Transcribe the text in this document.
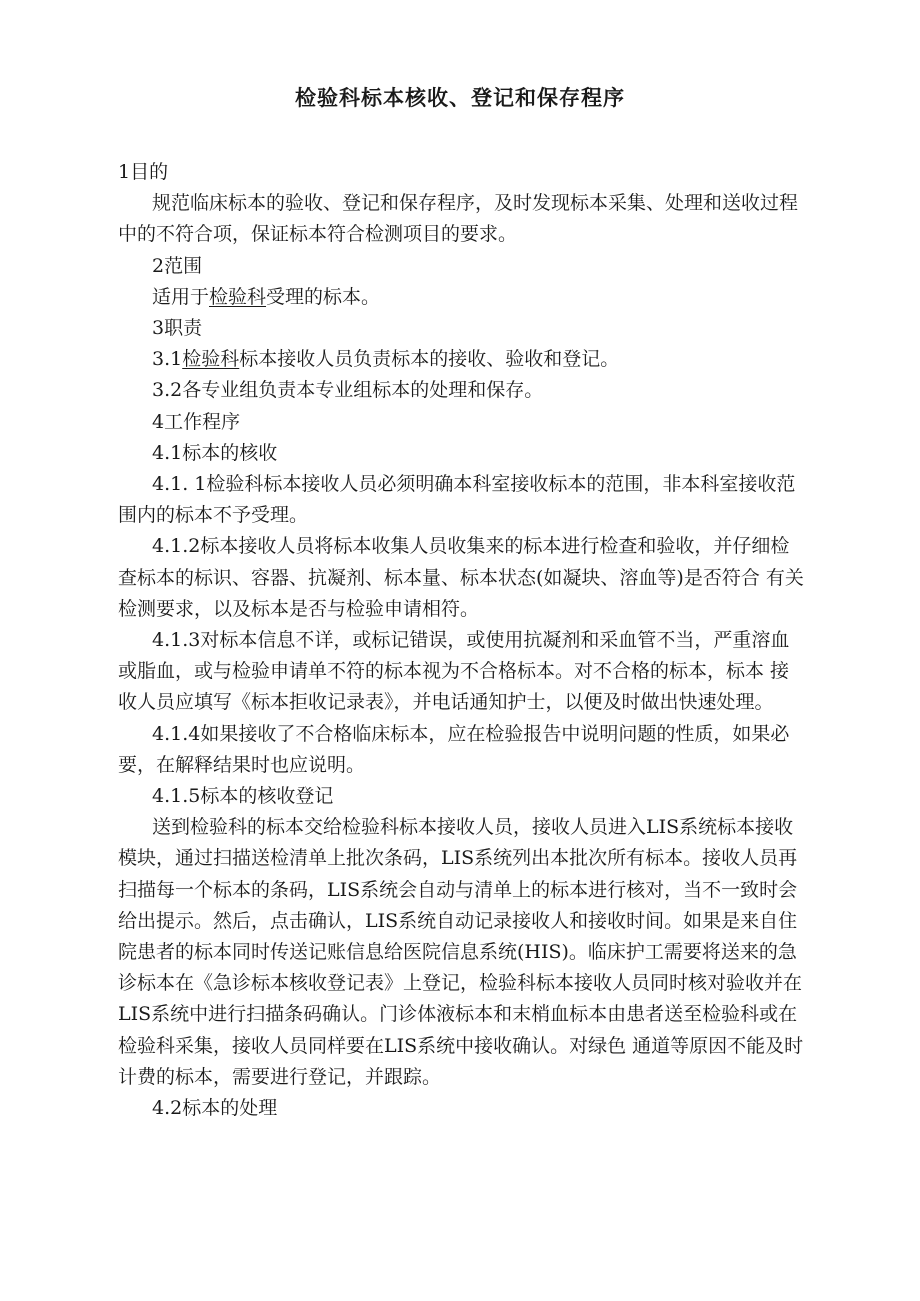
检验科标本核收、登记和保存程序

1目的

规范临床标本的验收、登记和保存程序，及时发现标本采集、处理和送收过程中的不符合项，保证标本符合检测项目的要求。

2范围

适用于检验科受理的标本。

3职责

3.1检验科标本接收人员负责标本的接收、验收和登记。

3.2各专业组负责本专业组标本的处理和保存。

4工作程序

4.1标本的核收

4.1. 1检验科标本接收人员必须明确本科室接收标本的范围，非本科室接收范围内的标本不予受理。

4.1.2标本接收人员将标本收集人员收集来的标本进行检查和验收，并仔细检查标本的标识、容器、抗凝剂、标本量、标本状态(如凝块、溶血等)是否符合 有关检测要求，以及标本是否与检验申请相符。

4.1.3对标本信息不详，或标记错误，或使用抗凝剂和采血管不当，严重溶血或脂血，或与检验申请单不符的标本视为不合格标本。对不合格的标本，标本 接收人员应填写《标本拒收记录表》，并电话通知护士，以便及时做出快速处理。

4.1.4如果接收了不合格临床标本，应在检验报告中说明问题的性质，如果必要，在解释结果时也应说明。

4.1.5标本的核收登记

送到检验科的标本交给检验科标本接收人员，接收人员进入LIS系统标本接收模块，通过扫描送检清单上批次条码，LIS系统列出本批次所有标本。接收人员再扫描每一个标本的条码，LIS系统会自动与清单上的标本进行核对，当不一致时会给出提示。然后，点击确认，LIS系统自动记录接收人和接收时间。如果是来自住院患者的标本同时传送记账信息给医院信息系统(HIS)。临床护工需要将送来的急诊标本在《急诊标本核收登记表》上登记，检验科标本接收人员同时核对验收并在LIS系统中进行扫描条码确认。门诊体液标本和末梢血标本由患者送至检验科或在检验科采集，接收人员同样要在LIS系统中接收确认。对绿色 通道等原因不能及时计费的标本，需要进行登记，并跟踪。

4.2标本的处理
